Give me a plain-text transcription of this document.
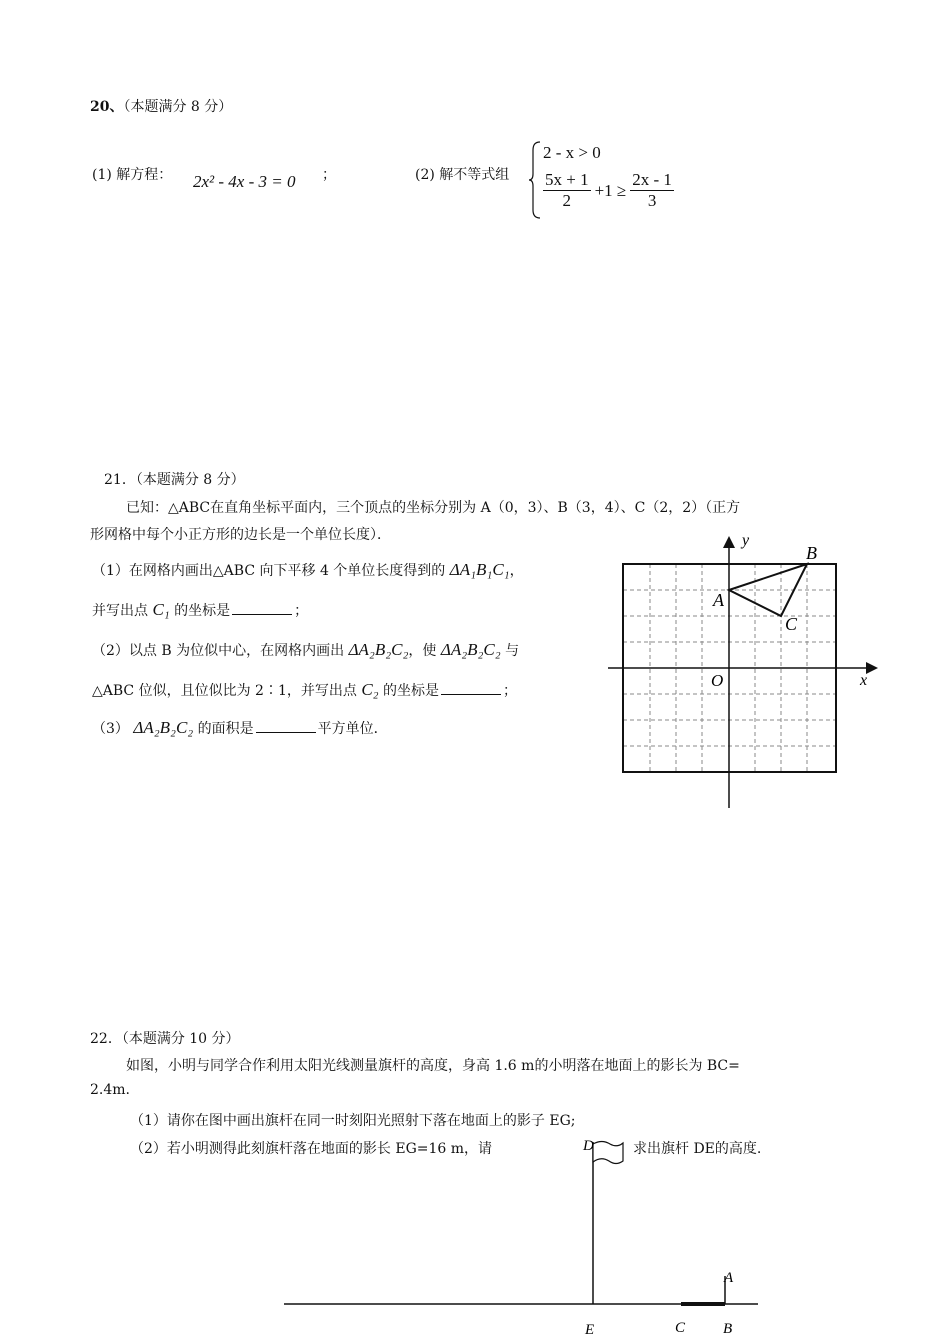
20、（本题满分 8 分）
(1) 解方程： 2x² - 4x - 3 = 0 ；	(2) 解不等式组
2 - x > 0
$\frac{5x + 1}{2} +1 \ge \frac{2x - 1}{3}$
21．（本题满分 8 分）
已知：△ABC在直角坐标平面内，三个顶点的坐标分别为 A（0，3）、B（3，4）、C（2，2）（正方
形网格中每个小正方形的边长是一个单位长度）．
（1）在网格内画出△ABC 向下平移 4 个单位长度得到的 ΔA₁B₁C₁，
并写出点 C₁ 的坐标是	；
（2）以点 B 为位似中心，在网格内画出 ΔA₂B₂C₂，使 ΔA₂B₂C₂ 与
△ABC 位似，且位似比为 2∶1，并写出点 C₂ 的坐标是	；
（3） ΔA₂B₂C₂ 的面积是	平方单位．
y
x
O
A
B
C
22．（本题满分 10 分）
如图，小明与同学合作利用太阳光线测量旗杆的高度，身高 1.6 m的小明落在地面上的影长为 BC=
2.4m.
（1）请你在图中画出旗杆在同一时刻阳光照射下落在地面上的影子 EG;
（2）若小明测得此刻旗杆落在地面的影长 EG=16 m，请	求出旗杆 DE的高度.
D
A
E	C	B
